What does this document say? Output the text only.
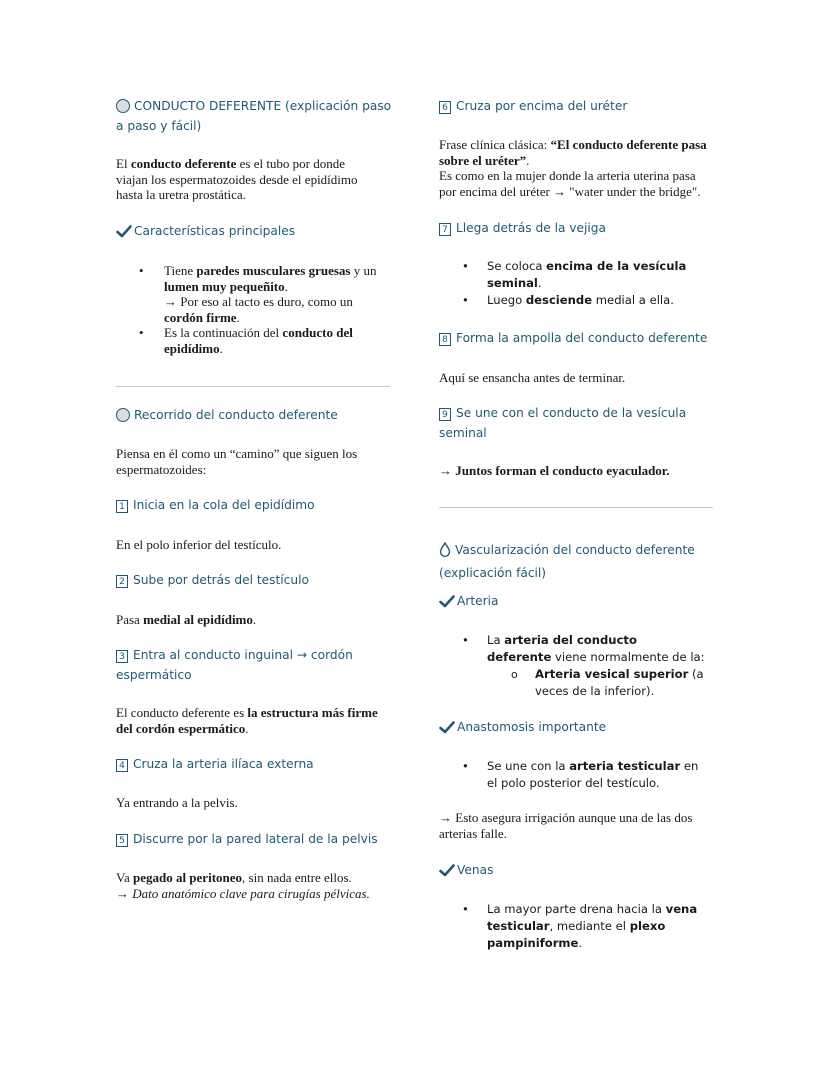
CONDUCTO DEFERENTE (explicación paso a paso y fácil)
El conducto deferente es el tubo por donde viajan los espermatozoides desde el epidídimo hasta la uretra prostática.
Características principales
• Tiene paredes musculares gruesas y un lumen muy pequeñito.
→ Por eso al tacto es duro, como un cordón firme.
• Es la continuación del conducto del epidídimo.
Recorrido del conducto deferente
Piensa en él como un “camino” que siguen los espermatozoides:
1 Inicia en la cola del epidídimo
En el polo inferior del testículo.
2 Sube por detrás del testículo
Pasa medial al epidídimo.
3 Entra al conducto inguinal → cordón espermático
El conducto deferente es la estructura más firme del cordón espermático.
4 Cruza la arteria ilíaca externa
Ya entrando a la pelvis.
5 Discurre por la pared lateral de la pelvis
Va pegado al peritoneo, sin nada entre ellos.
→ Dato anatómico clave para cirugías pélvicas.
6 Cruza por encima del uréter
Frase clínica clásica: “El conducto deferente pasa sobre el uréter”.
Es como en la mujer donde la arteria uterina pasa por encima del uréter → "water under the bridge".
7 Llega detrás de la vejiga
• Se coloca encima de la vesícula seminal.
• Luego desciende medial a ella.
8 Forma la ampolla del conducto deferente
Aquí se ensancha antes de terminar.
9 Se une con el conducto de la vesícula seminal
→ Juntos forman el conducto eyaculador.
Vascularización del conducto deferente (explicación fácil)
Arteria
• La arteria del conducto deferente viene normalmente de la:
o Arteria vesical superior (a veces de la inferior).
Anastomosis importante
• Se une con la arteria testicular en el polo posterior del testículo.
→ Esto asegura irrigación aunque una de las dos arterias falle.
Venas
• La mayor parte drena hacia la vena testicular, mediante el plexo pampiniforme.
